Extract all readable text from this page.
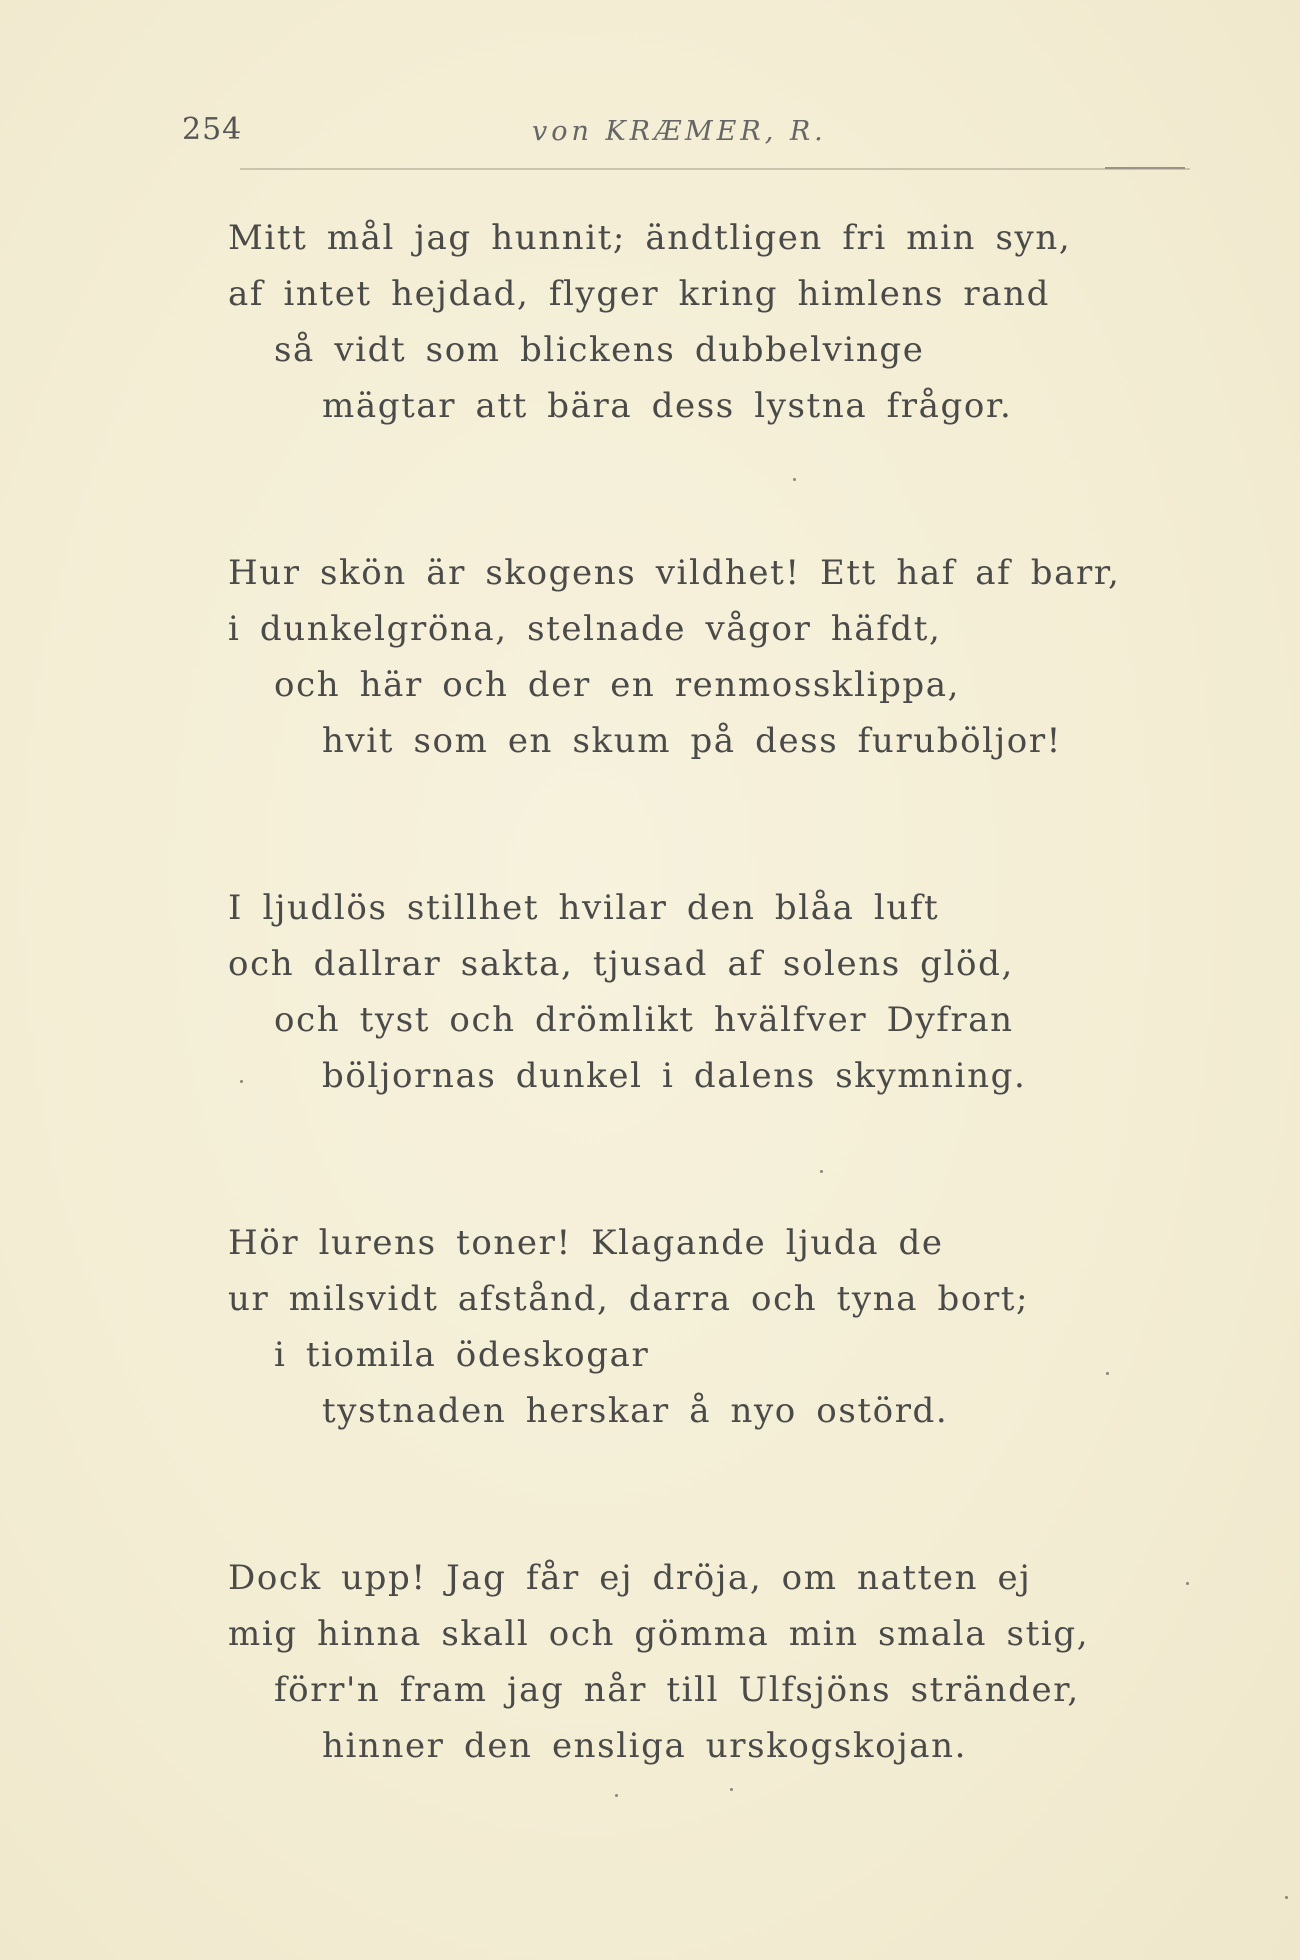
254	von KRÆMER, R.
Mitt mål jag hunnit; ändtligen fri min syn,
af intet hejdad, flyger kring himlens rand
så vidt som blickens dubbelvinge
mägtar att bära dess lystna frågor.
Hur skön är skogens vildhet! Ett haf af barr,
i dunkelgröna, stelnade vågor häfdt,
och här och der en renmossklippa,
hvit som en skum på dess furuböljor!
I ljudlös stillhet hvilar den blåa luft
och dallrar sakta, tjusad af solens glöd,
och tyst och drömlikt hvälfver Dyfran
böljornas dunkel i dalens skymning.
Hör lurens toner! Klagande ljuda de
ur milsvidt afstånd, darra och tyna bort;
i tiomila ödeskogar
tystnaden herskar å nyo ostörd.
Dock upp! Jag får ej dröja, om natten ej
mig hinna skall och gömma min smala stig,
förr'n fram jag når till Ulfsjöns stränder,
hinner den ensliga urskogskojan.
